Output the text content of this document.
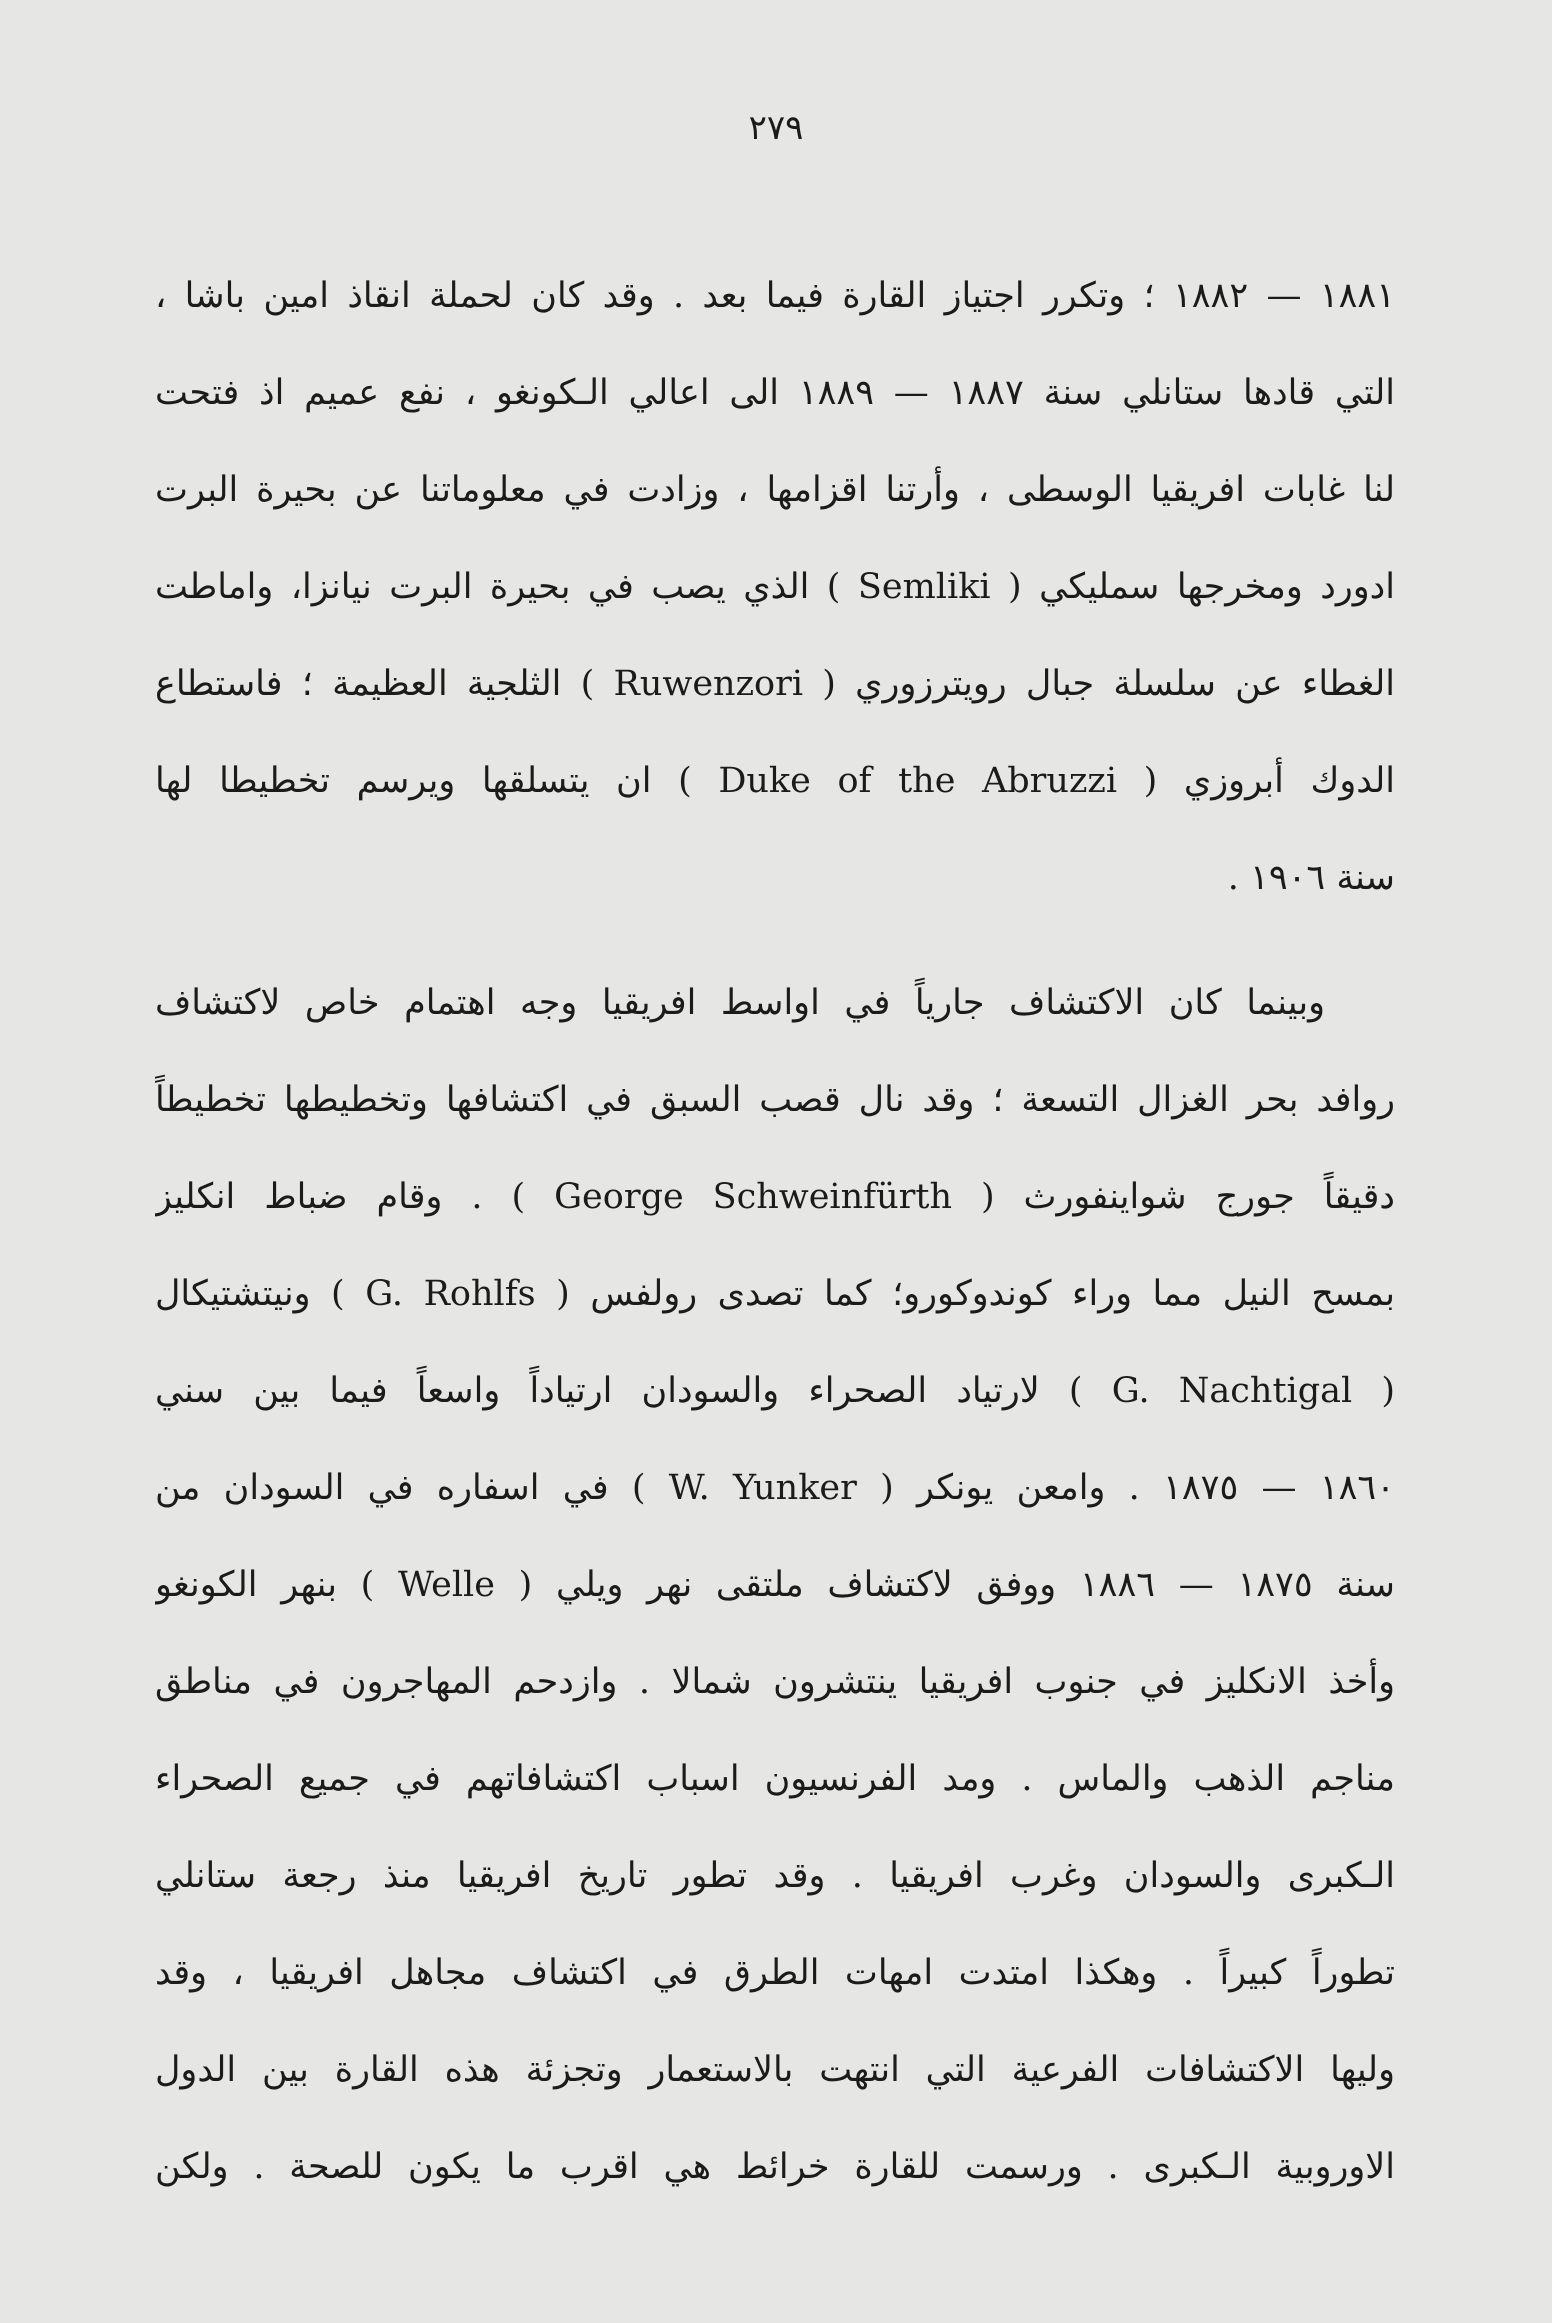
٢٧٩
١٨٨١ — ١٨٨٢ ؛ وتكرر اجتياز القارة فيما بعد . وقد كان لحملة انقاذ امين باشا ،
التي قادها ستانلي سنة ١٨٨٧ — ١٨٨٩ الى اعالي الـكونغو ، نفع عميم اذ فتحت
لنا غابات افريقيا الوسطى ، وأرتنا اقزامها ، وزادت في معلوماتنا عن بحيرة البرت
ادورد ومخرجها سمليكي ( Semliki ) الذي يصب في بحيرة البرت نيانزا، واماطت
الغطاء عن سلسلة جبال رويترزوري ( Ruwenzori ) الثلجية العظيمة ؛ فاستطاع
الدوك أبروزي ( Duke of the Abruzzi ) ان يتسلقها ويرسم تخطيطا لها
سنة ١٩٠٦ .
وبينما كان الاكتشاف جارياً في اواسط افريقيا وجه اهتمام خاص لاكتشاف
روافد بحر الغزال التسعة ؛ وقد نال قصب السبق في اكتشافها وتخطيطها تخطيطاً
دقيقاً جورج شواينفورث ( George Schweinfürth ) . وقام ضباط انكليز
بمسح النيل مما وراء كوندوكورو؛ كما تصدى رولفس ( G. Rohlfs ) ونيتشتيكال
( G. Nachtigal ) لارتياد الصحراء والسودان ارتياداً واسعاً فيما بين سني
١٨٦٠ — ١٨٧٥ . وامعن يونكر ( W. Yunker ) في اسفاره في السودان من
سنة ١٨٧٥ — ١٨٨٦ ووفق لاكتشاف ملتقى نهر ويلي ( Welle ) بنهر الكونغو
وأخذ الانكليز في جنوب افريقيا ينتشرون شمالا . وازدحم المهاجرون في مناطق
مناجم الذهب والماس . ومد الفرنسيون اسباب اكتشافاتهم في جميع الصحراء
الـكبرى والسودان وغرب افريقيا . وقد تطور تاريخ افريقيا منذ رجعة ستانلي
تطوراً كبيراً . وهكذا امتدت امهات الطرق في اكتشاف مجاهل افريقيا ، وقد
وليها الاكتشافات الفرعية التي انتهت بالاستعمار وتجزئة هذه القارة بين الدول
الاوروبية الـكبرى . ورسمت للقارة خرائط هي اقرب ما يكون للصحة . ولكن
